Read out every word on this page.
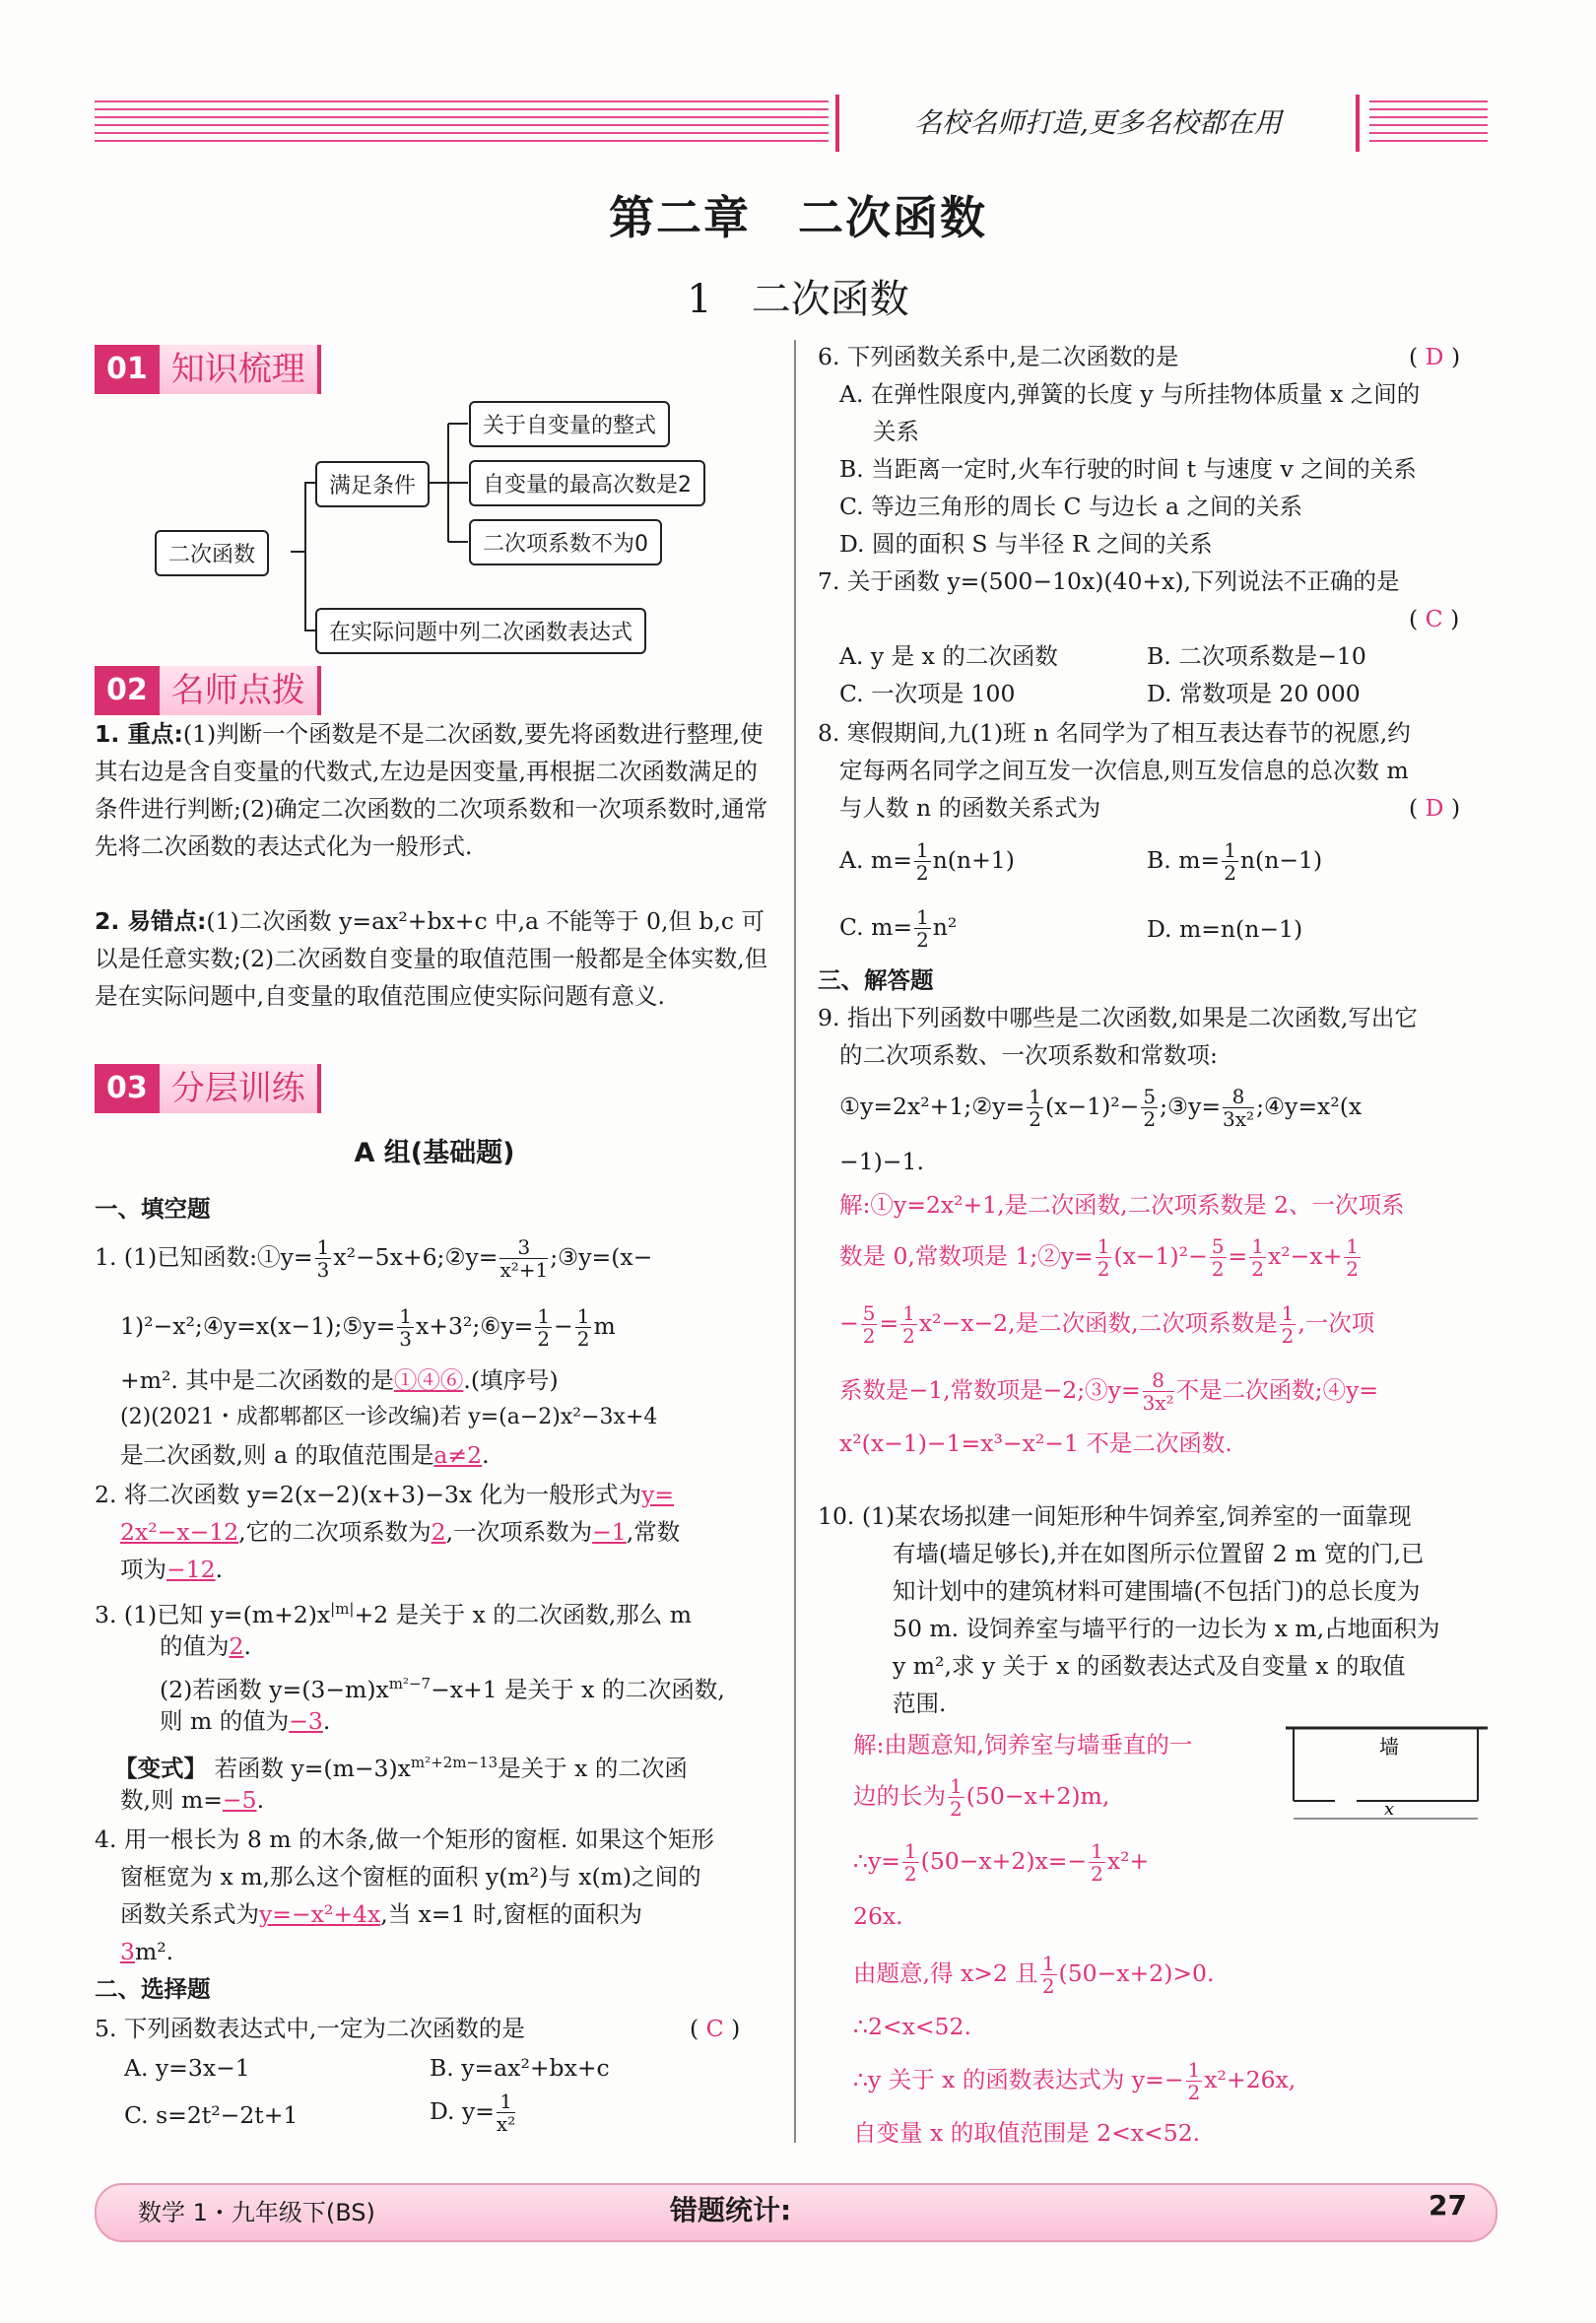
名校名师打造,更多名校都在用
第二章　二次函数
1　二次函数
01 知识梳理
二次函数
满足条件
关于自变量的整式
自变量的最高次数是2
二次项系数不为0
在实际问题中列二次函数表达式
02 名师点拨
1. 重点:(1)判断一个函数是不是二次函数,要先将函数进行整理,使其右边是含自变量的代数式,左边是因变量,再根据二次函数满足的条件进行判断;(2)确定二次函数的二次项系数和一次项系数时,通常先将二次函数的表达式化为一般形式.
2. 易错点:(1)二次函数 y=ax²+bx+c 中,a 不能等于 0,但 b,c 可以是任意实数;(2)二次函数自变量的取值范围一般都是全体实数,但是在实际问题中,自变量的取值范围应使实际问题有意义.
03 分层训练
A 组(基础题)
一、填空题
1. (1)已知函数:①y= $\frac{1}{3}$ x²−5x+6;②y= $\frac{3}{\text{x²+1}}$ ;③y=(x−
1)²−x²;④y=x(x−1);⑤y= $\frac{1}{3}$ x+3²;⑥y= $\frac{1}{2} - \frac{1}{2}$ m
+m². 其中是二次函数的是①④⑥.(填序号)
(2)(2021・成都郫都区一诊改编)若 y=(a−2)x²−3x+4
是二次函数,则 a 的取值范围是a≠2.
2. 将二次函数 y=2(x−2)(x+3)−3x 化为一般形式为y=
2x²−x−12,它的二次项系数为2,一次项系数为−1,常数
项为−12.
3. (1)已知 $y=(m+2)x^{|m|}+2$ 是关于 x 的二次函数,那么 m
的值为2.
(2)若函数 $y=(3-m)x^{m^2-7}-x+1$ 是关于 x 的二次函数,
则 m 的值为−3.
【变式】 若函数 $y=(m-3)x^{m^2+2m-13}$是关于 x 的二次函
数,则 m=−5.
4. 用一根长为 8 m 的木条,做一个矩形的窗框. 如果这个矩形
窗框宽为 x m,那么这个窗框的面积 y(m²)与 x(m)之间的
函数关系式为y=−x²+4x,当 x=1 时,窗框的面积为
3m².
二、选择题
5. 下列函数表达式中,一定为二次函数的是	( C )
A. y=3x−1	B. y=ax²+bx+c
C. s=2t²−2t+1	D. $y= \frac{1}{\text{x²}}$
6. 下列函数关系中,是二次函数的是	( D )
A. 在弹性限度内,弹簧的长度 y 与所挂物体质量 x 之间的
关系
B. 当距离一定时,火车行驶的时间 t 与速度 v 之间的关系
C. 等边三角形的周长 C 与边长 a 之间的关系
D. 圆的面积 S 与半径 R 之间的关系
7. 关于函数 y=(500−10x)(40+x),下列说法不正确的是
( C )
A. y 是 x 的二次函数	B. 二次项系数是−10
C. 一次项是 100	D. 常数项是 20 000
8. 寒假期间,九(1)班 n 名同学为了相互表达春节的祝愿,约
定每两名同学之间互发一次信息,则互发信息的总次数 m
与人数 n 的函数关系式为	( D )
A. $m= \frac{1}{2} n(n+1)$	B. $m= \frac{1}{2} n(n-1)$
C. $m= \frac{1}{2} n^2$	D. m=n(n−1)
三、解答题
9. 指出下列函数中哪些是二次函数,如果是二次函数,写出它
的二次项系数、一次项系数和常数项:
①y=2x²+1;②y= $\frac{1}{2} (x-1)^2- \frac{5}{2}$ ;③y= $\frac{8}{\text{3x²}}$ ;④y=x²(x
−1)−1.
解:①y=2x²+1,是二次函数,二次项系数是 2、一次项系
数是 0,常数项是 1;②y= $\frac{1}{2} (x-1)^2- \frac{5}{2} = \frac{1}{2} x^2-x+ \frac{1}{2}$
− $\frac{5}{2} = \frac{1}{2} x^2-x-2$,是二次函数,二次项系数是 $\frac{1}{2}$ ,一次项
系数是−1,常数项是−2;③y= $\frac{8}{\text{3x²}}$ 不是二次函数;④y=
x²(x−1)−1=x³−x²−1 不是二次函数.
10. (1)某农场拟建一间矩形种牛饲养室,饲养室的一面靠现
有墙(墙足够长),并在如图所示位置留 2 m 宽的门,已
知计划中的建筑材料可建围墙(不包括门)的总长度为
50 m. 设饲养室与墙平行的一边长为 x m,占地面积为
y m²,求 y 关于 x 的函数表达式及自变量 x 的取值
范围.
墙
x
解:由题意知,饲养室与墙垂直的一
边的长为 $\frac{1}{2} (50-x+2)m$,
∴y= $\frac{1}{2} (50-x+2)x=- \frac{1}{2} x^2+$
26x.
由题意,得 x>2 且 $\frac{1}{2} (50-x+2)>0$.
∴2<x<52.
∴y 关于 x 的函数表达式为 $y=- \frac{1}{2} x^2+26x$,
自变量 x 的取值范围是 2<x<52.
数学 1・九年级下(BS)	错题统计:	27
